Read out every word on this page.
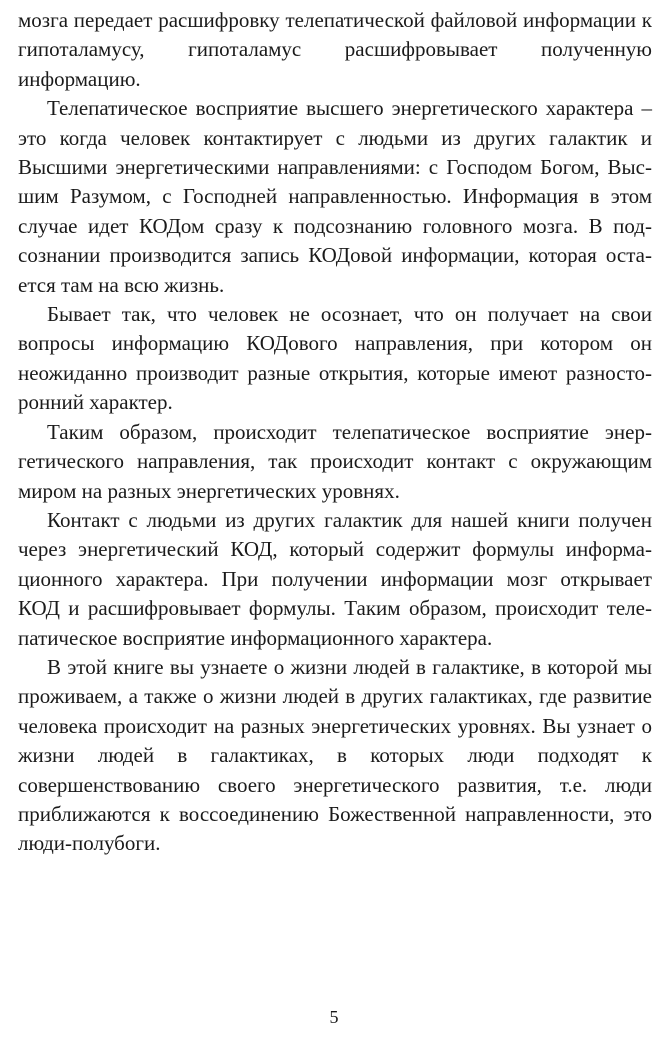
мозга передает расшифровку телепатической файловой информации к гипоталамусу, гипоталамус расшифровывает полученную информацию.

Телепатическое восприятие высшего энергетического характера – это когда человек контактирует с людьми из других галактик и Высшими энергетическими направлениями: с Господом Богом, Высшим Разумом, с Господней направленностью. Информация в этом случае идет КОДом сразу к подсознанию головного мозга. В подсознании производится запись КОДовой информации, которая остается там на всю жизнь.

Бывает так, что человек не осознает, что он получает на свои вопросы информацию КОДового направления, при котором он неожиданно производит разные открытия, которые имеют разносторонний характер.

Таким образом, происходит телепатическое восприятие энергетического направления, так происходит контакт с окружающим миром на разных энергетических уровнях.

Контакт с людьми из других галактик для нашей книги получен через энергетический КОД, который содержит формулы информационного характера. При получении информации мозг открывает КОД и расшифровывает формулы. Таким образом, происходит телепатическое восприятие информационного характера.

В этой книге вы узнаете о жизни людей в галактике, в которой мы проживаем, а также о жизни людей в других галактиках, где развитие человека происходит на разных энергетических уровнях. Вы узнает о жизни людей в галактиках, в которых люди подходят к совершенствованию своего энергетического развития, т.е. люди приближаются к воссоединению Божественной направленности, это люди-полубоги.

5
